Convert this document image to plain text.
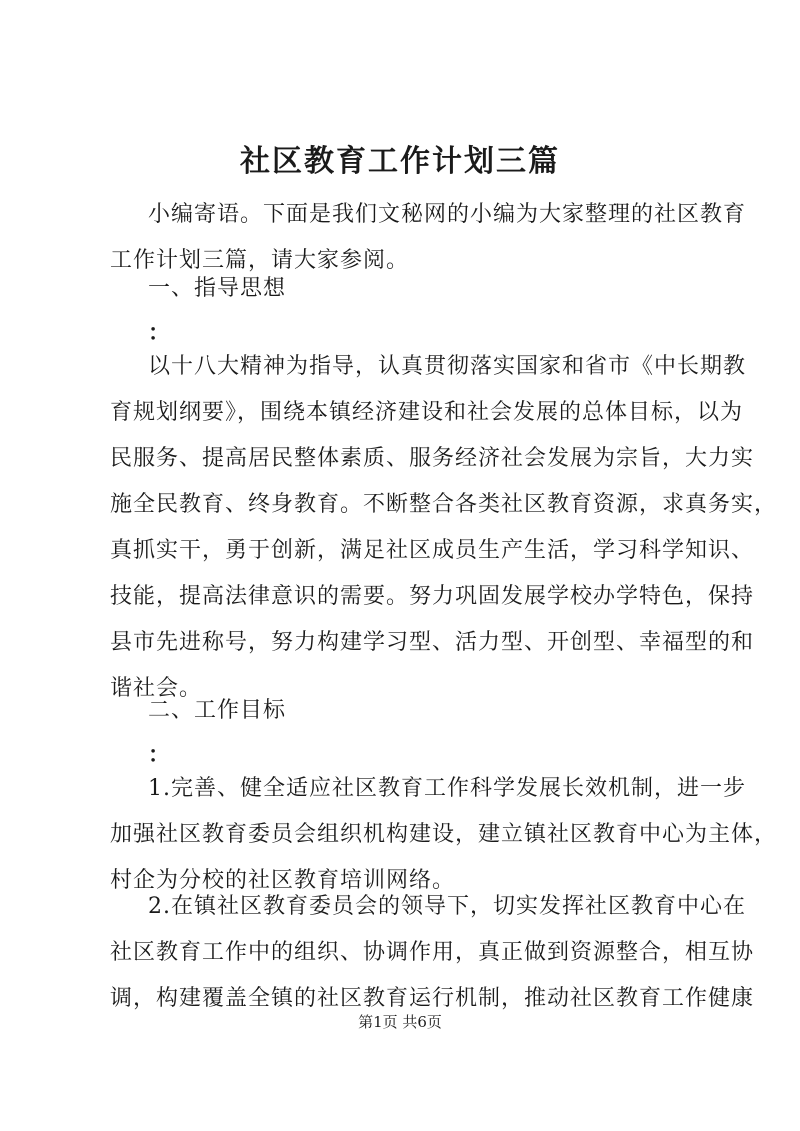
社区教育工作计划三篇
小编寄语。下面是我们文秘网的小编为大家整理的社区教育
工作计划三篇，请大家参阅。
一、指导思想
：
以十八大精神为指导，认真贯彻落实国家和省市《中长期教
育规划纲要》，围绕本镇经济建设和社会发展的总体目标，以为
民服务、提高居民整体素质、服务经济社会发展为宗旨，大力实
施全民教育、终身教育。不断整合各类社区教育资源，求真务实，
真抓实干，勇于创新，满足社区成员生产生活，学习科学知识、
技能，提高法律意识的需要。努力巩固发展学校办学特色，保持
县市先进称号，努力构建学习型、活力型、开创型、幸福型的和
谐社会。
二、工作目标
：
1.完善、健全适应社区教育工作科学发展长效机制，进一步
加强社区教育委员会组织机构建设，建立镇社区教育中心为主体，
村企为分校的社区教育培训网络。
2.在镇社区教育委员会的领导下，切实发挥社区教育中心在
社区教育工作中的组织、协调作用，真正做到资源整合，相互协
调，构建覆盖全镇的社区教育运行机制，推动社区教育工作健康
第1页 共6页
